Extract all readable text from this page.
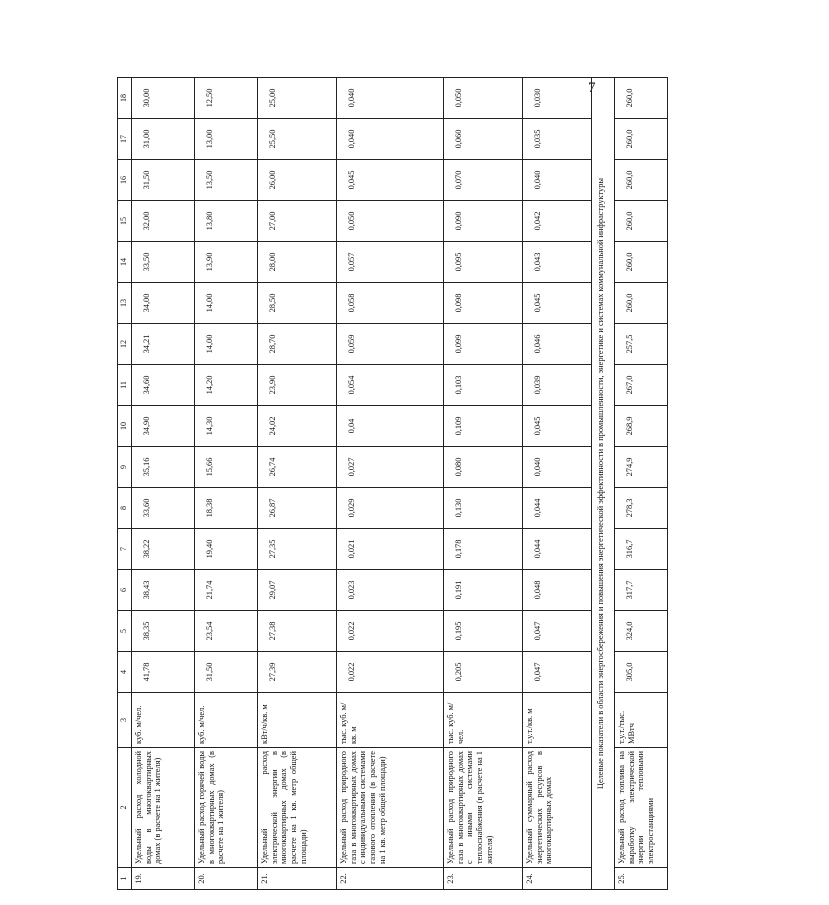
7
1	2	3	4	5	6	7	8	9	10	11	12	13	14	15	16	17	18
19.	Удельный расход холодной воды в многоквартирных домах (в расчете на 1 жителя)	куб. м/чел.	41,78	38,35	38,43	38,22	33,60	35,16	34,90	34,60	34,21	34,00	33,50	32,00	31,50	31,00	30,00
20.	Удельный расход горячей воды в многоквартирных домах (в расчете на 1 жителя)	куб. м/чел.	31,50	23,54	21,74	19,40	18,38	15,66	14,30	14,20	14,00	14,00	13,90	13,80	13,50	13,00	12,50
21.	Удельный расход электрической энергии в многоквартирных домах (в расчете на 1 кв. метр общей площади)	кВт/ч/кв. м	27,39	27,38	29,07	27,35	26,87	26,74	24,02	23,90	28,70	28,50	28,00	27,00	26,00	25,50	25,00
22.	Удельный расход природного газа в многоквартирных домах с индивидуальными системами газового отопления (в расчете на 1 кв. метр общей площади)	тыс. куб. м/кв. м	0,022	0,022	0,023	0,021	0,029	0,027	0,04	0,054	0,059	0,058	0,057	0,050	0,045	0,040	0,040
23.	Удельный расход природного газа в многоквартирных домах с иными системами теплоснабжения (в расчете на 1 жителя)	тыс. куб. м/чел.	0,205	0,195	0,191	0,178	0,130	0,080	0,109	0,103	0,099	0,098	0,095	0,090	0,070	0,060	0,050
24.	Удельный суммарный расход энергетических ресурсов в многоквартирных домах	т.у.т./кв. м	0,047	0,047	0,048	0,044	0,044	0,040	0,045	0,039	0,046	0,045	0,043	0,042	0,040	0,035	0,030
Целевые показатели в области энергосбережения и повышения энергетической эффективности в промышленности, энергетике и системах коммунальной инфраструктуры																	
25.	Удельный расход топлива на выработку электрической энергии тепловыми электростанциями	т.у.т./тыс. МВтч	305,0	324,0	317,7	316,7	278,3	274,9	268,9	267,0	257,5	260,0	260,0	260,0	260,0	260,0	260,0
